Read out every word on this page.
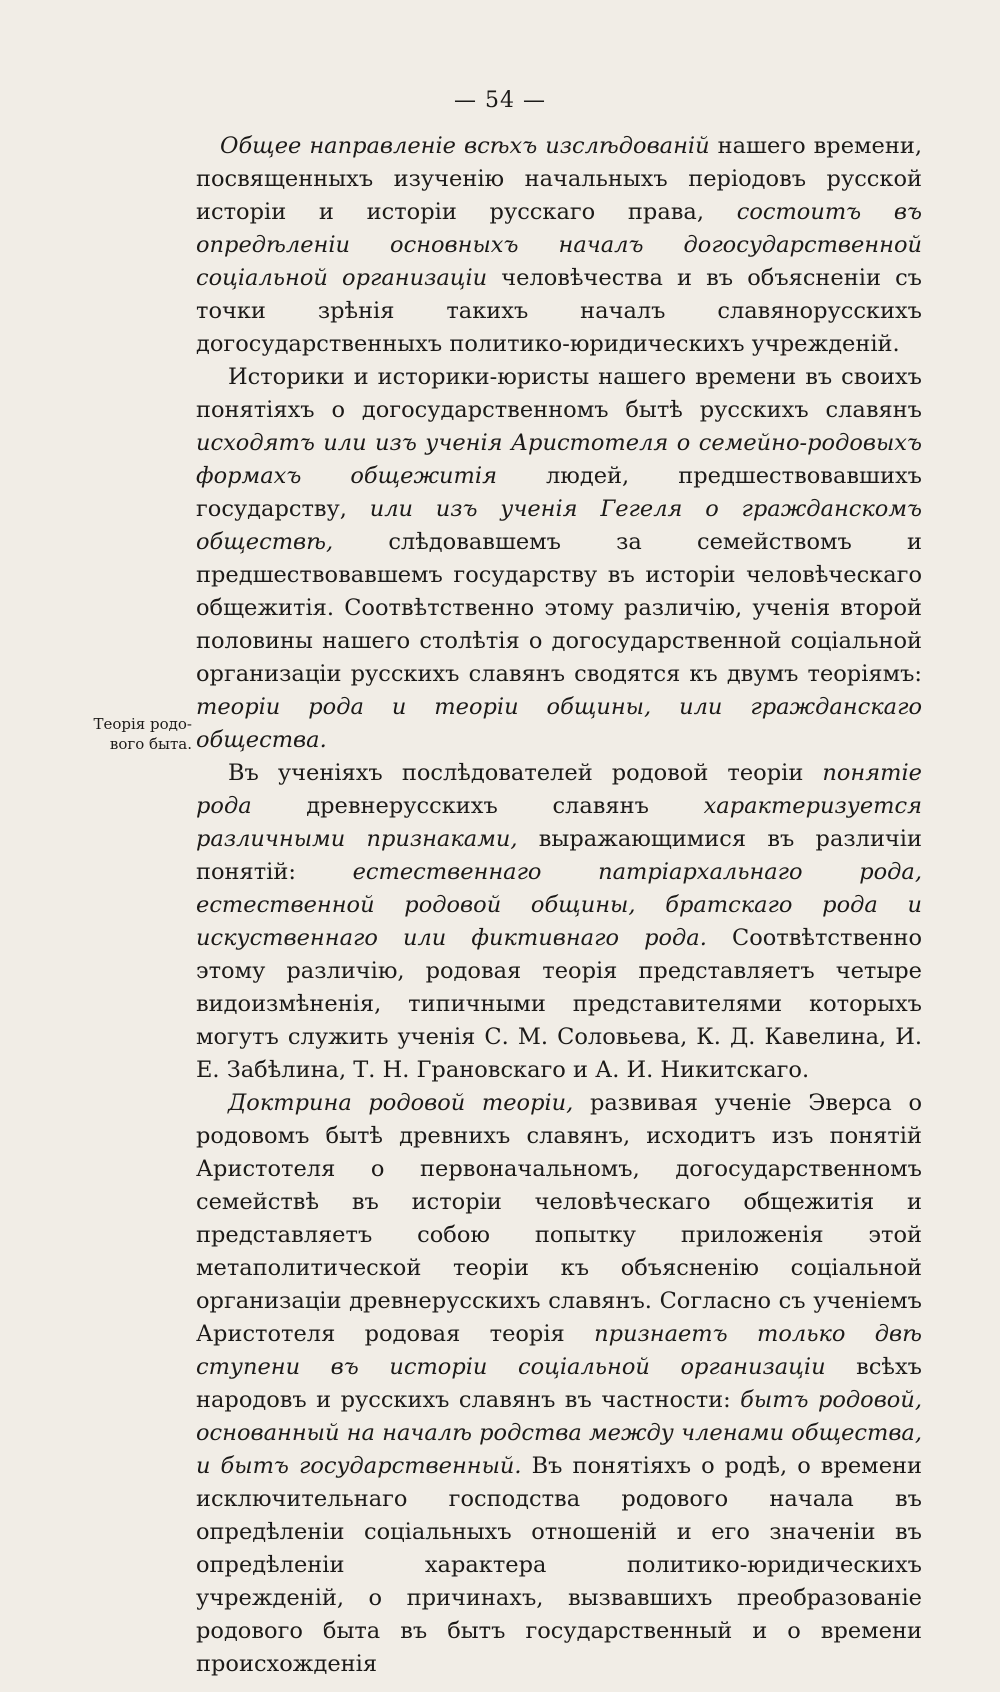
— 54 —
Теорія родо-
вого быта.

Общее направленіе всѣхъ изслѣдованій нашего времени, посвященныхъ изученію начальныхъ періодовъ русской исторіи и исторіи русскаго права, состоитъ въ опредѣленіи основныхъ началъ догосударственной соціальной организаціи человѣчества и въ объясненіи съ точки зрѣнія такихъ началъ славянорусскихъ догосударственныхъ политико-юридическихъ учрежденій.

Историки и историки-юристы нашего времени въ своихъ понятіяхъ о догосударственномъ бытѣ русскихъ славянъ исходятъ или изъ ученія Аристотеля о семейно-родовыхъ формахъ общежитія людей, предшествовавшихъ государству, или изъ ученія Гегеля о гражданскомъ обществѣ, слѣдовавшемъ за семействомъ и предшествовавшемъ государству въ исторіи человѣческаго общежитія. Соотвѣтственно этому различію, ученія второй половины нашего столѣтія о догосударственной соціальной организаціи русскихъ славянъ сводятся къ двумъ теоріямъ: теоріи рода и теоріи общины, или гражданскаго общества.

Въ ученіяхъ послѣдователей родовой теоріи понятіе рода древнерусскихъ славянъ характеризуется различными признаками, выражающимися въ различіи понятій: естественнаго патріархальнаго рода, естественной родовой общины, братскаго рода и искуственнаго или фиктивнаго рода. Соотвѣтственно этому различію, родовая теорія представляетъ четыре видоизмѣненія, типичными представителями которыхъ могутъ служить ученія С. М. Соловьева, К. Д. Кавелина, И. Е. Забѣлина, Т. Н. Грановскаго и А. И. Никитскаго.

Доктрина родовой теоріи, развивая ученіе Эверса о родовомъ бытѣ древнихъ славянъ, исходитъ изъ понятій Аристотеля о первоначальномъ, догосударственномъ семействѣ въ исторіи человѣческаго общежитія и представляетъ собою попытку приложенія этой метаполитической теоріи къ объясненію соціальной организаціи древнерусскихъ славянъ. Согласно съ ученіемъ Аристотеля родовая теорія признаетъ только двѣ ступени въ исторіи соціальной организаціи всѣхъ народовъ и русскихъ славянъ въ частности: бытъ родовой, основанный на началѣ родства между членами общества, и бытъ государственный. Въ понятіяхъ о родѣ, о времени исключительнаго господства родового начала въ опредѣленіи соціальныхъ отношеній и его значеніи въ опредѣленіи характера политико-юридическихъ учрежденій, о причинахъ, вызвавшихъ преобразованіе родового быта въ бытъ государственный и о времени происхожденія
